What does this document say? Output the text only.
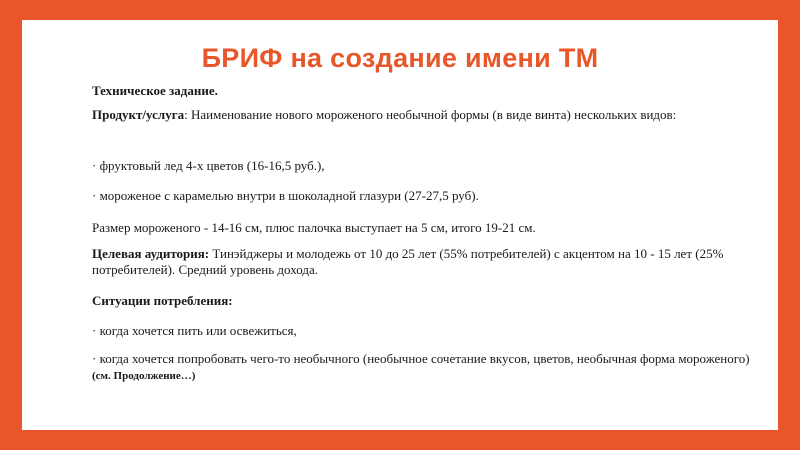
БРИФ на создание имени ТМ

Техническое задание.

Продукт/услуга: Наименование нового мороженого необычной формы (в виде винта) нескольких видов:

· фруктовый лед 4-х цветов (16-16,5 руб.),

· мороженое с карамелью внутри в шоколадной глазури (27-27,5 руб).

Размер мороженого - 14-16 см, плюс палочка выступает на 5 см, итого 19-21 см.

Целевая аудитория: Тинэйджеры и молодежь от 10 до 25 лет (55% потребителей) с акцентом на 10 - 15 лет (25% потребителей). Средний уровень дохода.

Ситуации потребления:

· когда хочется пить или освежиться,

· когда хочется попробовать чего-то необычного (необычное сочетание вкусов, цветов, необычная форма мороженого) (см. Продолжение…)
